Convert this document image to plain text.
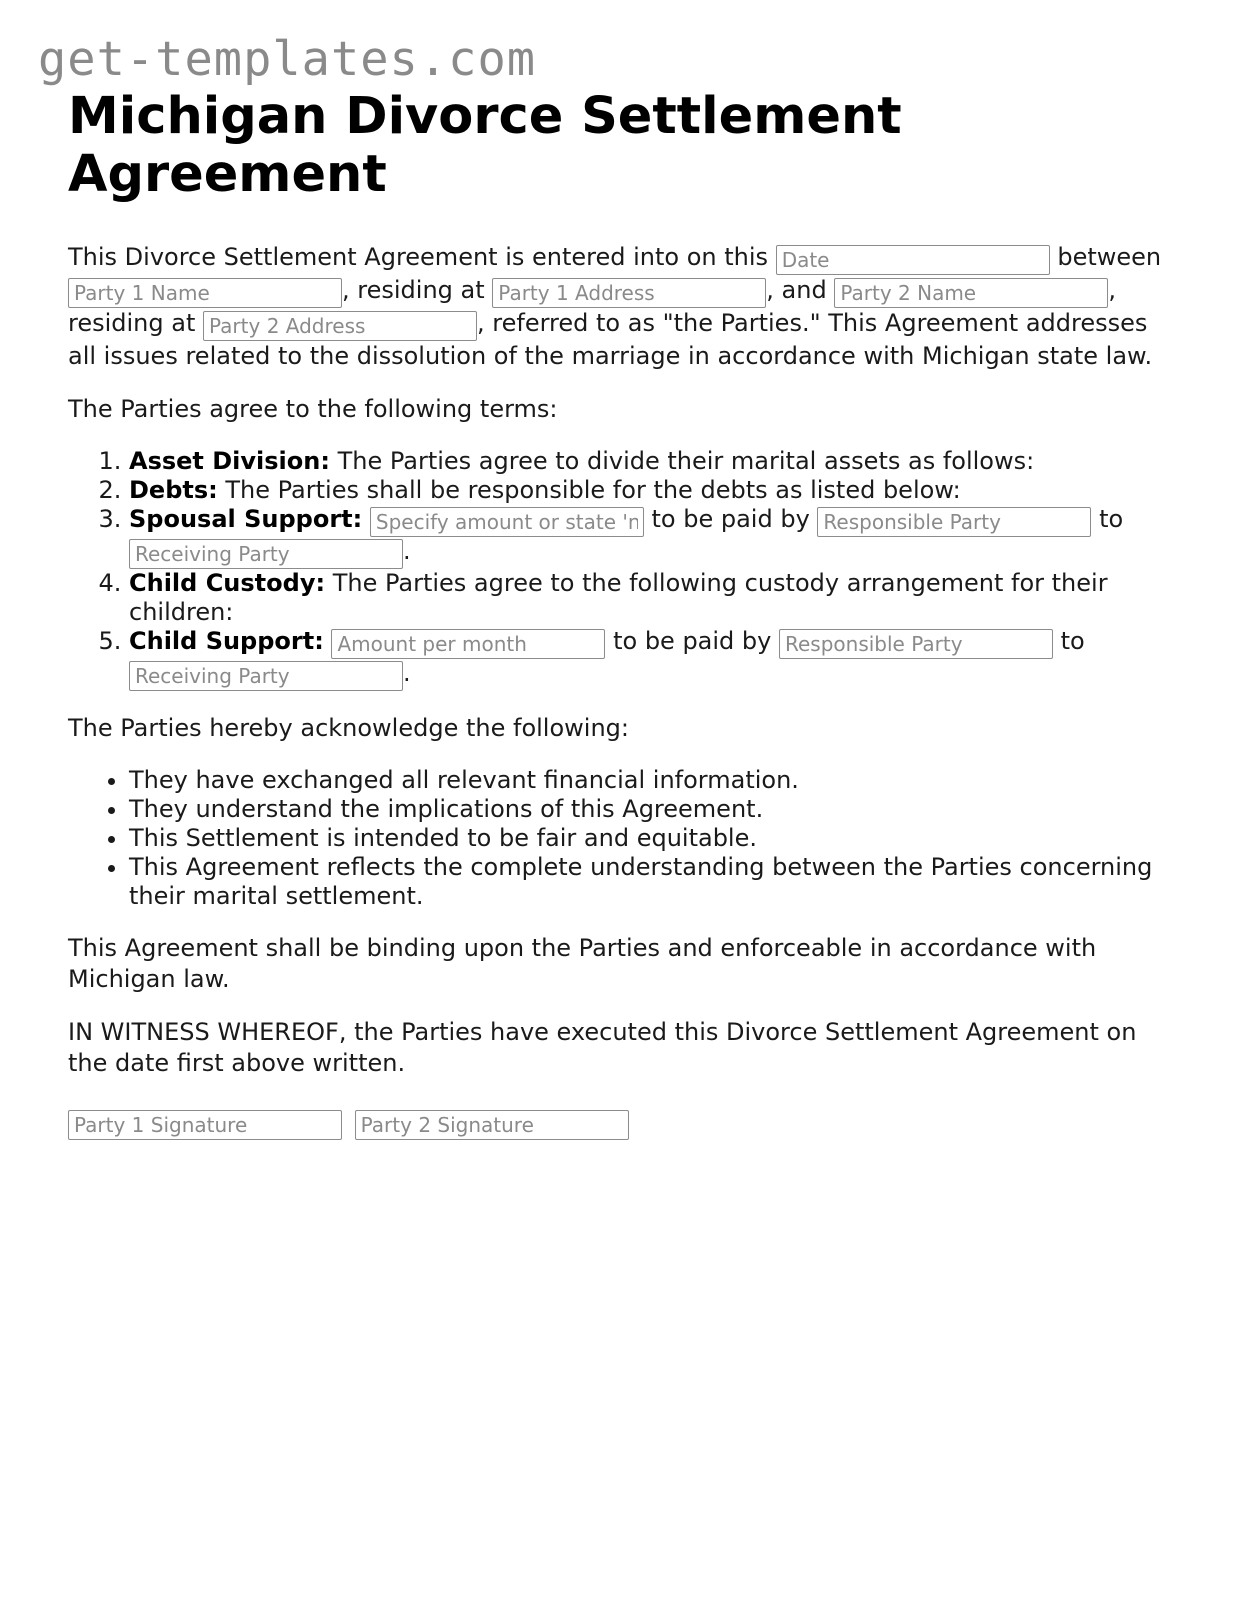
get-templates.com
Michigan Divorce Settlement Agreement

This Divorce Settlement Agreement is entered into on this Date	between Party 1 Name, residing at Party 1 Address	, and Party 2 Name	, residing at Party 2 Address	, referred to as "the Parties." This Agreement addresses all issues related to the dissolution of the marriage in accordance with Michigan state law.

The Parties agree to the following terms:

1. Asset Division: The Parties agree to divide their marital assets as follows:
2. Debts: The Parties shall be responsible for the debts as listed below:
3. Spousal Support: Specify amount or state 'none'	to be paid by Responsible Party	to Receiving Party.
4. Child Custody: The Parties agree to the following custody arrangement for their children:
5. Child Support: Amount per month	to be paid by Responsible Party	to Receiving Party.

The Parties hereby acknowledge the following:

• They have exchanged all relevant financial information.
• They understand the implications of this Agreement.
• This Settlement is intended to be fair and equitable.
• This Agreement reflects the complete understanding between the Parties concerning their marital settlement.

This Agreement shall be binding upon the Parties and enforceable in accordance with Michigan law.

IN WITNESS WHEREOF, the Parties have executed this Divorce Settlement Agreement on the date first above written.

Party 1 Signature Party 2 Signature
